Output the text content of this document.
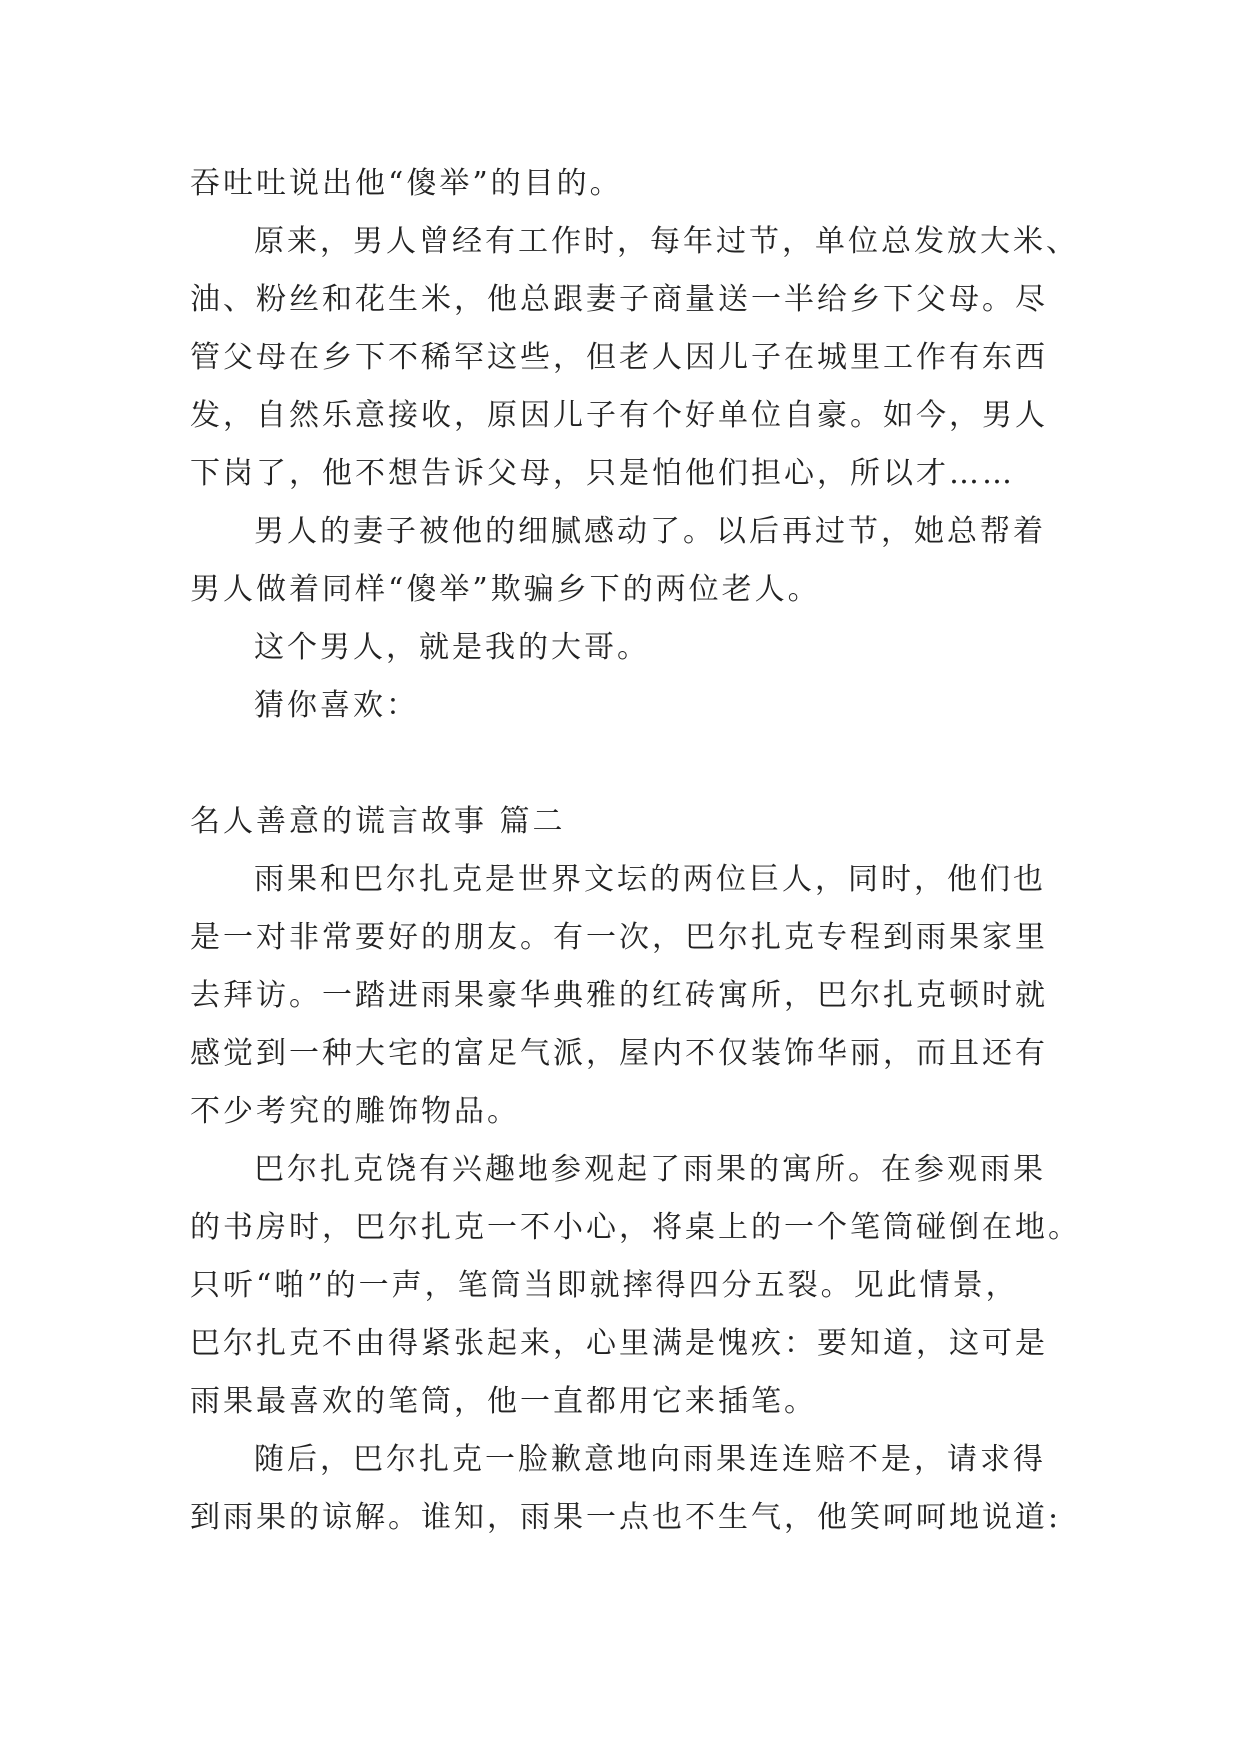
吞吐吐说出他“傻举”的目的。
原来，男人曾经有工作时，每年过节，单位总发放大米、
油、粉丝和花生米，他总跟妻子商量送一半给乡下父母。尽
管父母在乡下不稀罕这些，但老人因儿子在城里工作有东西
发，自然乐意接收，原因儿子有个好单位自豪。如今，男人
下岗了，他不想告诉父母，只是怕他们担心，所以才……
男人的妻子被他的细腻感动了。以后再过节，她总帮着
男人做着同样“傻举”欺骗乡下的两位老人。
这个男人，就是我的大哥。
猜你喜欢：
名人善意的谎言故事 篇二
雨果和巴尔扎克是世界文坛的两位巨人，同时，他们也
是一对非常要好的朋友。有一次，巴尔扎克专程到雨果家里
去拜访。一踏进雨果豪华典雅的红砖寓所，巴尔扎克顿时就
感觉到一种大宅的富足气派，屋内不仅装饰华丽，而且还有
不少考究的雕饰物品。
巴尔扎克饶有兴趣地参观起了雨果的寓所。在参观雨果
的书房时，巴尔扎克一不小心，将桌上的一个笔筒碰倒在地。
只听“啪”的一声，笔筒当即就摔得四分五裂。见此情景，
巴尔扎克不由得紧张起来，心里满是愧疚：要知道，这可是
雨果最喜欢的笔筒，他一直都用它来插笔。
随后，巴尔扎克一脸歉意地向雨果连连赔不是，请求得
到雨果的谅解。谁知，雨果一点也不生气，他笑呵呵地说道:
